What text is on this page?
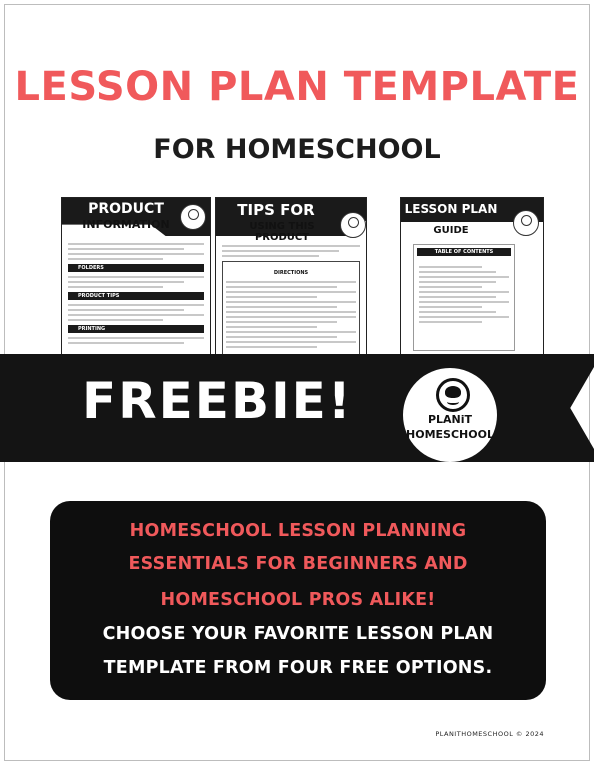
LESSON PLAN TEMPLATE
FOR HOMESCHOOL
PRODUCT
INFORMATION
FOLDERS
PRODUCT TIPS
PRINTING
TIPS FOR
USING THIS PRODUCT
DIRECTIONS
LESSON PLAN
GUIDE
TABLE OF CONTENTS
FREEBIE!	PLANiT
HOMESCHOOL
HOMESCHOOL LESSON PLANNING
ESSENTIALS FOR BEGINNERS AND
HOMESCHOOL PROS ALIKE!
CHOOSE YOUR FAVORITE LESSON PLAN
TEMPLATE FROM FOUR FREE OPTIONS.
PLANITHOMESCHOOL © 2024
